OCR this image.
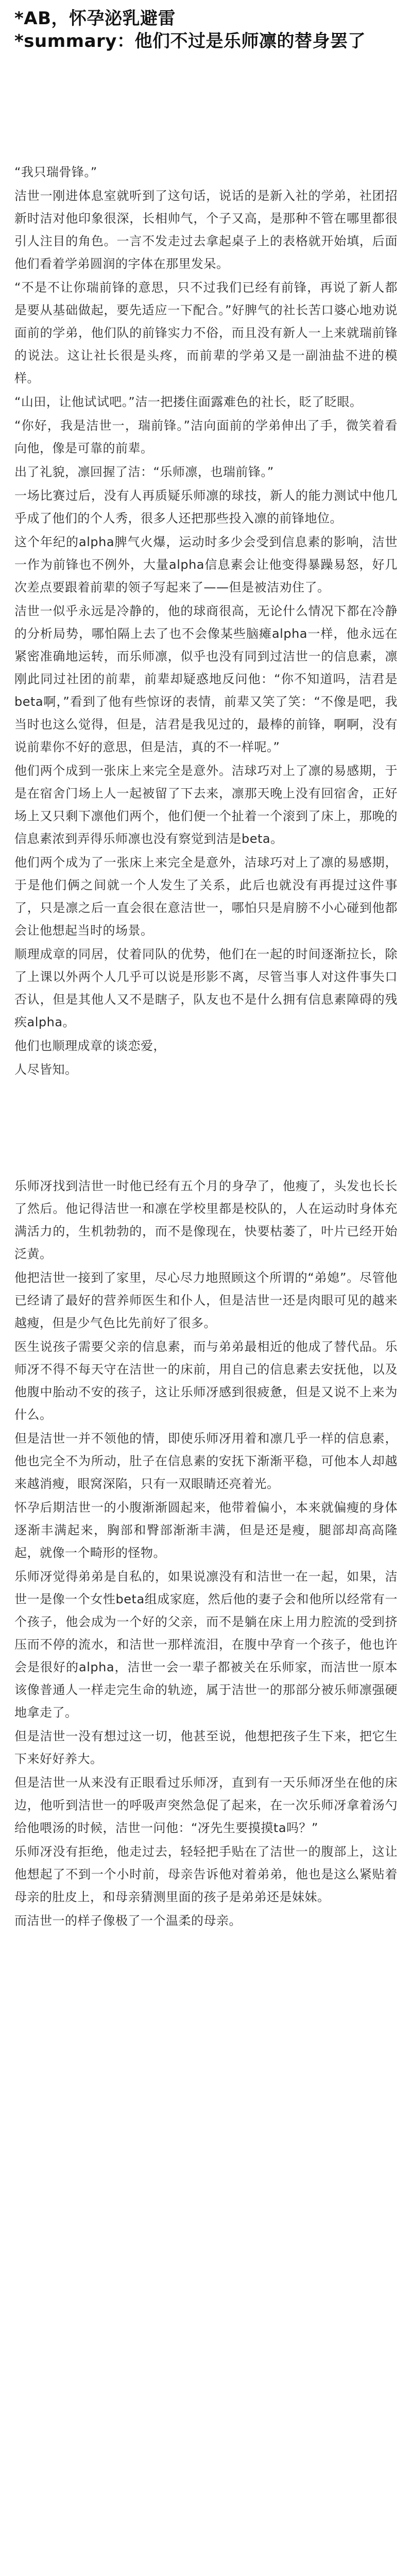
*AB，怀孕泌乳避雷
*summary：他们不过是乐师凛的替身罢了

“我只瑞骨锋。”

洁世一刚进体息室就听到了这句话，说话的是新入社的学弟，社团招新时洁对他印象很深，长相帅气，个子又高，是那种不管在哪里都很引人注目的角色。一言不发走过去拿起桌子上的表格就开始填，后面他们看着学弟圆润的字体在那里发呆。

“不是不让你瑞前锋的意思，只不过我们已经有前锋，再说了新人都是要从基础做起，要先适应一下配合。”好脾气的社长苦口婆心地劝说面前的学弟，他们队的前锋实力不俗，而且没有新人一上来就瑞前锋的说法。这让社长很是头疼，而前辈的学弟又是一副油盐不进的模样。

“山田，让他试试吧。”洁一把搂住面露难色的社长，眨了眨眼。

“你好，我是洁世一，瑞前锋。”洁向面前的学弟伸出了手，微笑着看向他，像是可靠的前辈。

出了礼貌，凛回握了洁：“乐师凛，也瑞前锋。”

一场比赛过后，没有人再质疑乐师凛的球技，新人的能力测试中他几乎成了他们的个人秀，很多人还把那些投入凛的前锋地位。

这个年纪的alpha脾气火爆，运动时多少会受到信息素的影响，洁世一作为前锋也不例外，大量alpha信息素会让他变得暴躁易怒，好几次差点要跟着前辈的领子写起来了——但是被洁劝住了。

洁世一似乎永远是冷静的，他的球商很高，无论什么情况下都在冷静的分析局势，哪怕隔上去了也不会像某些脑瘫alpha一样，他永远在紧密准确地运转，而乐师凛，似乎也没有同到过洁世一的信息素，凛刚此同过社团的前辈，前辈却疑惑地反问他：“你不知道吗，洁君是beta啊，”看到了他有些惊讶的表情，前辈又笑了笑：“不像是吧，我当时也这么觉得，但是，洁君是我见过的，最棒的前锋，啊啊，没有说前辈你不好的意思，但是洁，真的不一样呢。”

他们两个成到一张床上来完全是意外。洁球巧对上了凛的易感期，于是在宿舍门场上人一起被留了下去来，凛那天晚上没有回宿舍，正好场上又只剩下凛他们两个，他们便一个扯着一个滚到了床上，那晚的信息素浓到弄得乐师凛也没有察觉到洁是beta。

他们两个成为了一张床上来完全是意外，洁球巧对上了凛的易感期，于是他们俩之间就一个人发生了关系，此后也就没有再提过这件事了，只是凛之后一直会很在意洁世一，哪怕只是肩膀不小心碰到他都会让他想起当时的场景。

顺理成章的同居，仗着同队的优势，他们在一起的时间逐渐拉长，除了上课以外两个人几乎可以说是形影不离，尽管当事人对这件事失口否认，但是其他人又不是瞎子，队友也不是什么拥有信息素障碍的残疾alpha。

他们也顺理成章的谈恋爱，

人尽皆知。

乐师冴找到洁世一时他已经有五个月的身孕了，他瘦了，头发也长长了然后。他记得洁世一和凛在学校里都是校队的，人在运动时身体充满活力的，生机勃勃的，而不是像现在，快要枯萎了，叶片已经开始泛黄。

他把洁世一接到了家里，尽心尽力地照顾这个所谓的“弟媳”。尽管他已经请了最好的营养师医生和仆人，但是洁世一还是肉眼可见的越来越瘦，但是少气色比先前好了很多。

医生说孩子需要父亲的信息素，而与弟弟最相近的他成了替代品。乐师冴不得不每天守在洁世一的床前，用自己的信息素去安抚他，以及他腹中胎动不安的孩子，这让乐师冴感到很疲惫，但是又说不上来为什么。

但是洁世一并不领他的情，即使乐师冴用着和凛几乎一样的信息素，他也完全不为所动，肚子在信息素的安抚下渐渐平稳，可他本人却越来越消瘦，眼窝深陷，只有一双眼睛还亮着光。

怀孕后期洁世一的小腹渐渐圆起来，他带着偏小，本来就偏瘦的身体逐渐丰满起来，胸部和臀部渐渐丰满，但是还是瘦，腿部却高高隆起，就像一个畸形的怪物。

乐师冴觉得弟弟是自私的，如果说凛没有和洁世一在一起，如果，洁世一是像一个女性beta组成家庭，然后他的妻子会和他所以经常有一个孩子，他会成为一个好的父亲，而不是躺在床上用力腔流的受到挤压而不停的流水，和洁世一那样流泪，在腹中孕育一个孩子，他也许会是很好的alpha，洁世一会一辈子都被关在乐师家，而洁世一原本该像普通人一样走完生命的轨迹，属于洁世一的那部分被乐师凛强硬地拿走了。

但是洁世一没有想过这一切，他甚至说，他想把孩子生下来，把它生下来好好养大。

但是洁世一从来没有正眼看过乐师冴，直到有一天乐师冴坐在他的床边，他听到洁世一的呼吸声突然急促了起来，在一次乐师冴拿着汤勺给他喂汤的时候，洁世一问他：“冴先生要摸摸ta吗？”

乐师冴没有拒绝，他走过去，轻轻把手贴在了洁世一的腹部上，这让他想起了不到一个小时前，母亲告诉他对着弟弟，他也是这么紧贴着母亲的肚皮上，和母亲猜测里面的孩子是弟弟还是妹妹。

而洁世一的样子像极了一个温柔的母亲。
